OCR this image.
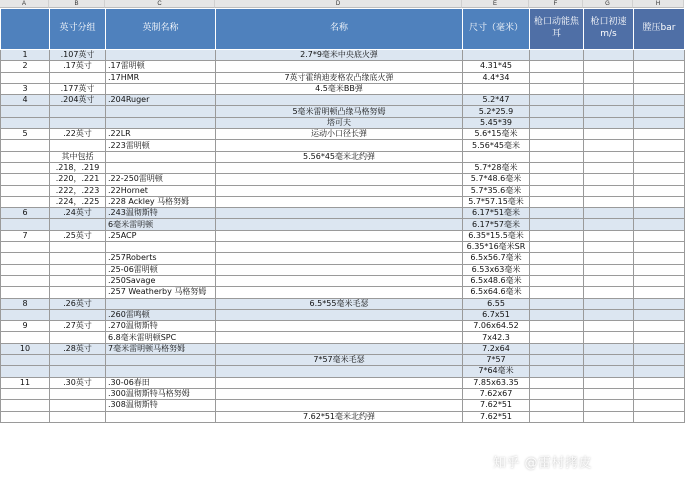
A	B	C	D	E	F	G	H
	英寸分组	英制名称	名称	尺寸（毫米）	枪口动能焦耳	枪口初速m/s	膛压bar
1	.107英寸		2.7*9毫米中央底火弹				
2	.17英寸	.17雷明顿		4.31*45			
		.17HMR	7英寸霍纳迪麦格农凸缘底火弹	4.4*34			
3	.177英寸		4.5毫米BB弹				
4	.204英寸	.204Ruger		5.2*47			
			5毫米雷明顿凸缘马格努姆	5.2*25.9			
			塔可夫	5.45*39			
5	.22英寸	.22LR	运动小口径长弹	5.6*15毫米			
		.223雷明顿		5.56*45毫米			
	其中包括		5.56*45毫米北约弹				
	.218，.219			5.7*28毫米			
	.220，.221	.22-250雷明顿		5.7*48.6毫米			
	.222，.223	.22Hornet		5.7*35.6毫米			
	.224，.225	.228 Ackley 马格努姆		5.7*57.15毫米			
6	.24英寸	.243温彻斯特		6.17*51毫米			
		6毫米雷明顿		6.17*57毫米			
7	.25英寸	.25ACP		6.35*15.5毫米			
				6.35*16毫米SR			
		.257Roberts		6.5x56.7毫米			
		.25-06雷明顿		6.53x63毫米			
		.250Savage		6.5x48.6毫米			
		.257 Weatherby 马格努姆		6.5x64.6毫米			
8	.26英寸		6.5*55毫米毛瑟	6.55			
		.260雷鸣顿		6.7x51			
9	.27英寸	.270温彻斯特		7.06x64.52			
		6.8毫米雷明顿SPC		7x42.3			
10	.28英寸	7毫米雷明顿马格努姆		7.2x64			
			7*57毫米毛瑟	7*57			
				7*64毫米			
11	.30英寸	.30-06春田		7.85x63.35			
		.300温彻斯特马格努姆		7.62x67			
		.308温彻斯特		7.62*51			
			7.62*51毫米北约弹	7.62*51			
知乎 @雷村拷皮
